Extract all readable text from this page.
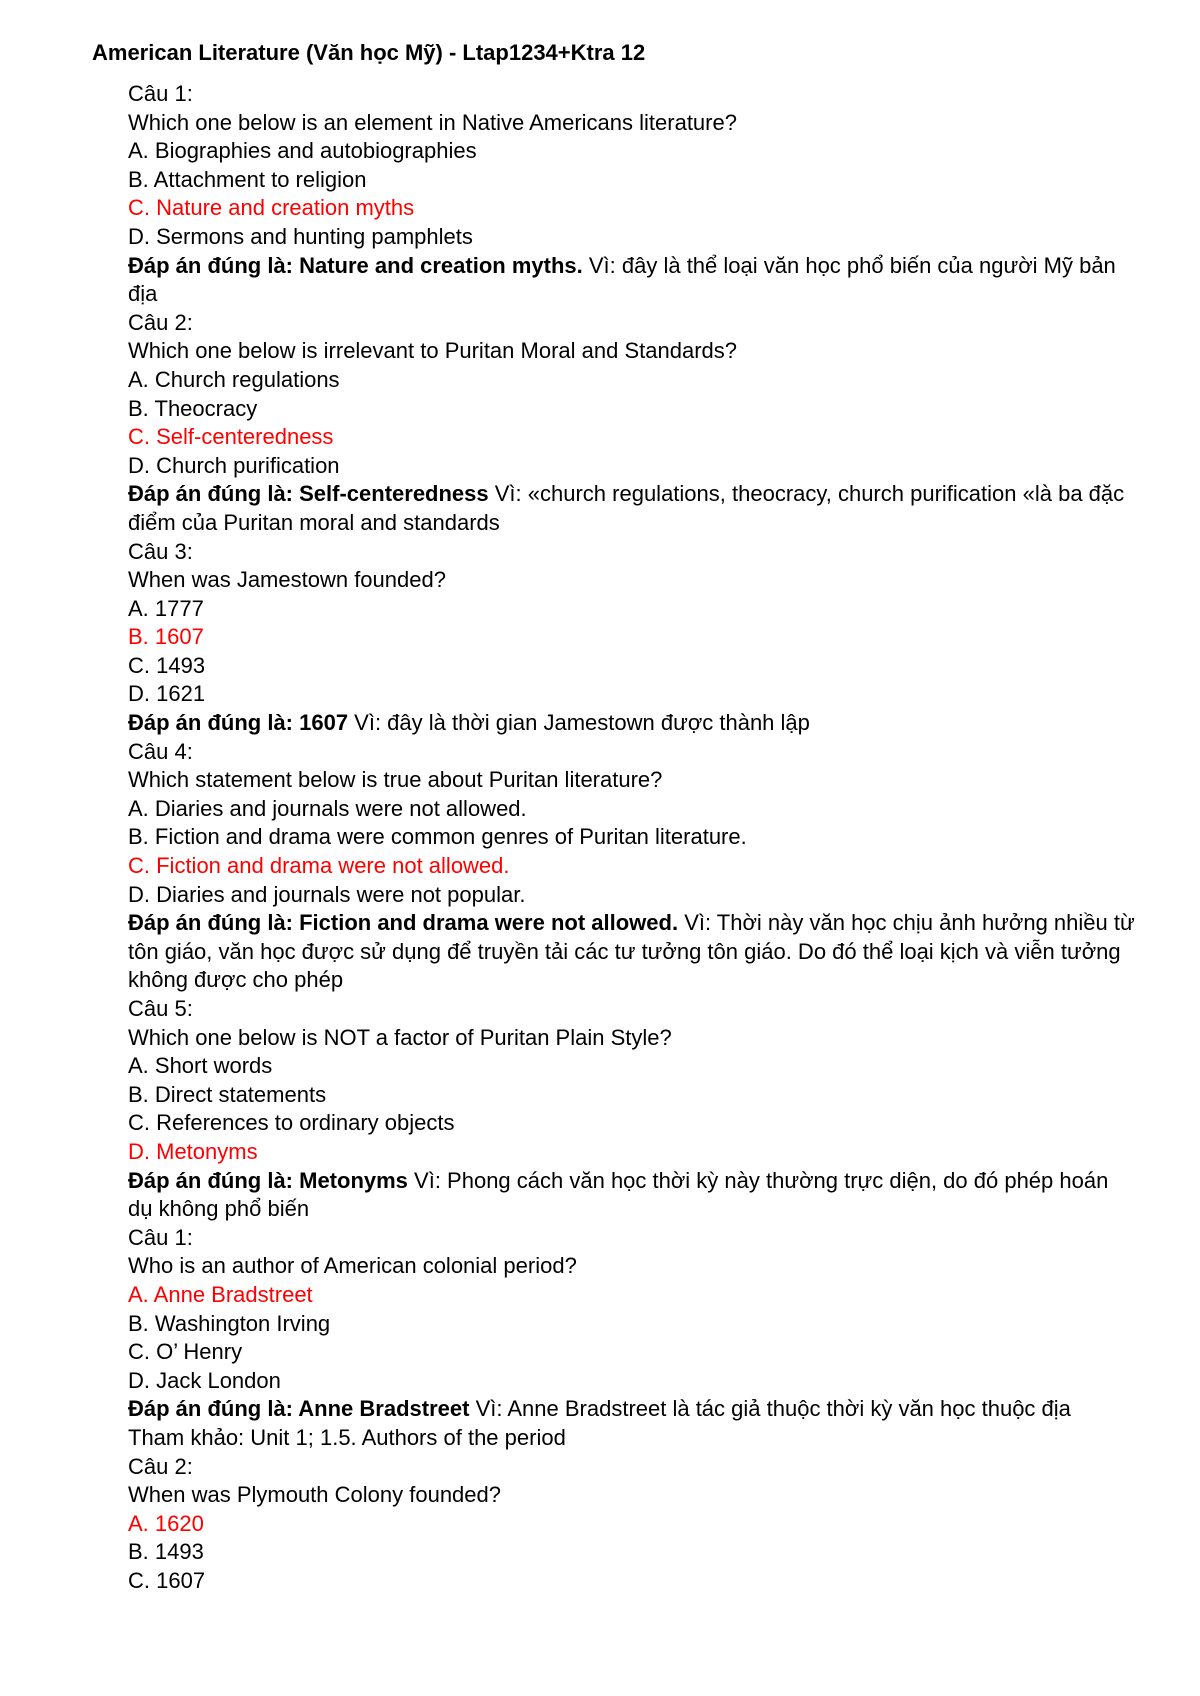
American Literature (Văn học Mỹ) - Ltap1234+Ktra 12

Câu 1:

Which one below is an element in Native Americans literature?

A. Biographies and autobiographies

B. Attachment to religion

C. Nature and creation myths

D. Sermons and hunting pamphlets

Đáp án đúng là: Nature and creation myths. Vì: đây là thể loại văn học phổ biến của người Mỹ bản địa

Câu 2:

Which one below is irrelevant to Puritan Moral and Standards?

A. Church regulations

B. Theocracy

C. Self-centeredness

D. Church purification

Đáp án đúng là: Self-centeredness Vì: «church regulations, theocracy, church purification «là ba đặc điểm của Puritan moral and standards

Câu 3:

When was Jamestown founded?

A. 1777

B. 1607

C. 1493

D. 1621

Đáp án đúng là: 1607 Vì: đây là thời gian Jamestown được thành lập

Câu 4:

Which statement below is true about Puritan literature?

A. Diaries and journals were not allowed.

B. Fiction and drama were common genres of Puritan literature.

C. Fiction and drama were not allowed.

D. Diaries and journals were not popular.

Đáp án đúng là: Fiction and drama were not allowed. Vì: Thời này văn học chịu ảnh hưởng nhiều từ tôn giáo, văn học được sử dụng để truyền tải các tư tưởng tôn giáo. Do đó thể loại kịch và viễn tưởng không được cho phép

Câu 5:

Which one below is NOT a factor of Puritan Plain Style?

A. Short words

B. Direct statements

C. References to ordinary objects

D. Metonyms

Đáp án đúng là: Metonyms Vì: Phong cách văn học thời kỳ này thường trực diện, do đó phép hoán dụ không phổ biến

Câu 1:

Who is an author of American colonial period?

A. Anne Bradstreet

B. Washington Irving

C. O’ Henry

D. Jack London

Đáp án đúng là: Anne Bradstreet Vì: Anne Bradstreet là tác giả thuộc thời kỳ văn học thuộc địa

Tham khảo: Unit 1; 1.5. Authors of the period

Câu 2:

When was Plymouth Colony founded?

A. 1620

B. 1493

C. 1607
